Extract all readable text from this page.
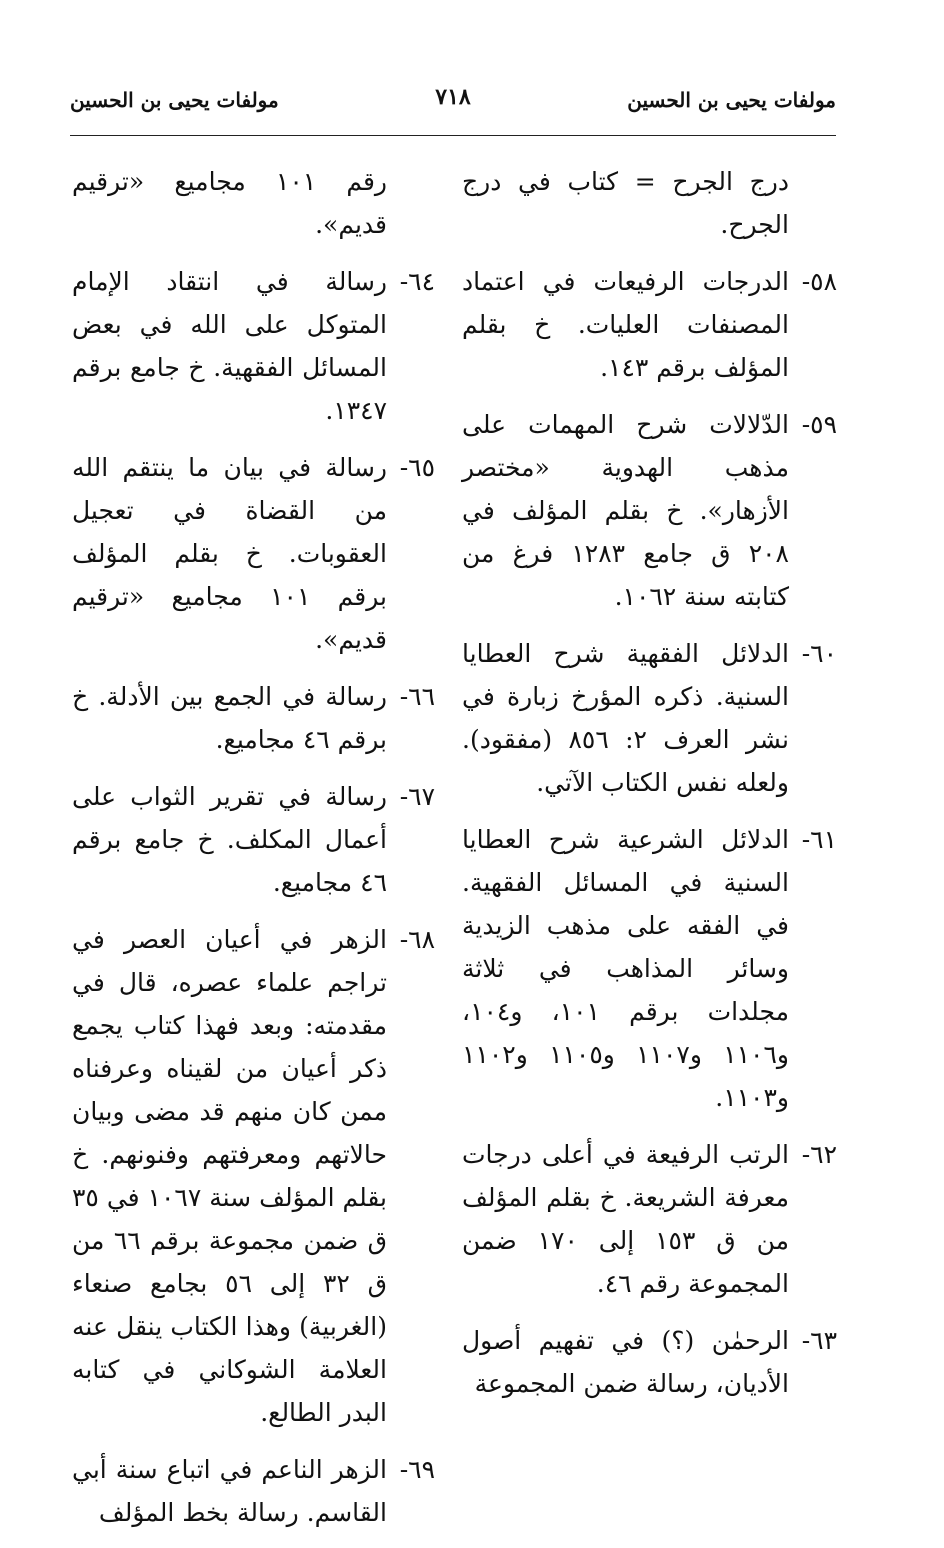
مولفات يحيى بن الحسين
٧١٨
مولفات يحيى بن الحسين
درج الجرح = كتاب في درج الجرح.
٥٨-
الدرجات الرفيعات في اعتماد المصنفات العليات. خ بقلم المؤلف برقم ١٤٣.
٥٩-
الدّلالات شرح المهمات على مذهب الهدوية «مختصر الأزهار». خ بقلم المؤلف في ٢٠٨ ق جامع ١٢٨٣ فرغ من كتابته سنة ١٠٦٢.
٦٠-
الدلائل الفقهية شرح العطايا السنية. ذكره المؤرخ زبارة في نشر العرف ٢: ٨٥٦ (مفقود). ولعله نفس الكتاب الآتي.
٦١-
الدلائل الشرعية شرح العطايا السنية في المسائل الفقهية. في الفقه على مذهب الزيدية وسائر المذاهب في ثلاثة مجلدات برقم ١٠١، و١٠٤، و١١٠٦ و١١٠٧ و١١٠٥ و١١٠٢ و١١٠٣.
٦٢-
الرتب الرفيعة في أعلى درجات معرفة الشريعة. خ بقلم المؤلف من ق ١٥٣ إلى ١٧٠ ضمن المجموعة رقم ٤٦.
٦٣-
الرحمٰن (؟) في تفهيم أصول الأديان، رسالة ضمن المجموعة
رقم ١٠١ مجاميع «ترقيم قديم».
٦٤-
رسالة في انتقاد الإمام المتوكل على الله في بعض المسائل الفقهية. خ جامع برقم ١٣٤٧.
٦٥-
رسالة في بيان ما ينتقم الله من القضاة في تعجيل العقوبات. خ بقلم المؤلف برقم ١٠١ مجاميع «ترقيم قديم».
٦٦-
رسالة في الجمع بين الأدلة. خ برقم ٤٦ مجاميع.
٦٧-
رسالة في تقرير الثواب على أعمال المكلف. خ جامع برقم ٤٦ مجاميع.
٦٨-
الزهر في أعيان العصر في تراجم علماء عصره، قال في مقدمته: وبعد فهذا كتاب يجمع ذكر أعيان من لقيناه وعرفناه ممن كان منهم قد مضى وبيان حالاتهم ومعرفتهم وفنونهم. خ بقلم المؤلف سنة ١٠٦٧ في ٣٥ ق ضمن مجموعة برقم ٦٦ من ق ٣٢ إلى ٥٦ بجامع صنعاء (الغربية) وهذا الكتاب ينقل عنه العلامة الشوكاني في كتابه البدر الطالع.
٦٩-
الزهر الناعم في اتباع سنة أبي القاسم. رسالة بخط المؤلف
